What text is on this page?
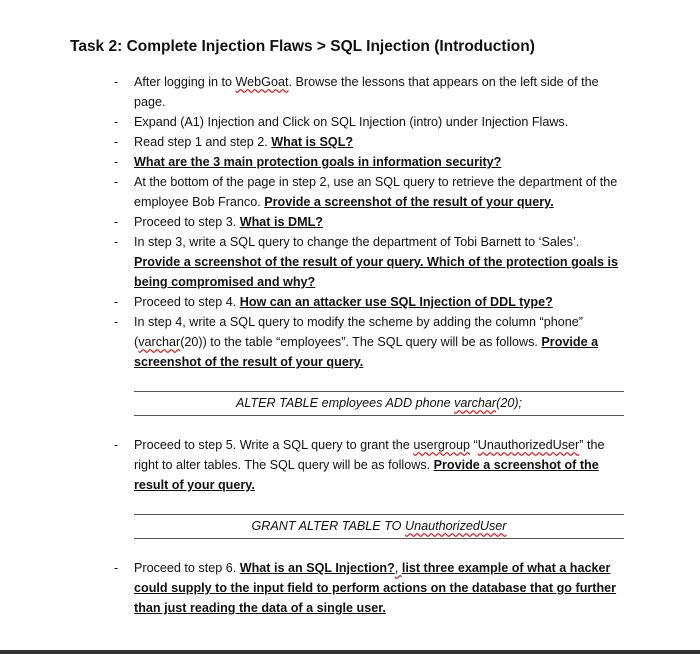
Task 2: Complete Injection Flaws > SQL Injection (Introduction)
- After logging in to WebGoat. Browse the lessons that appears on the left side of the page.
- Expand (A1) Injection and Click on SQL Injection (intro) under Injection Flaws.
- Read step 1 and step 2. What is SQL?
- What are the 3 main protection goals in information security?
- At the bottom of the page in step 2, use an SQL query to retrieve the department of the employee Bob Franco. Provide a screenshot of the result of your query.
- Proceed to step 3. What is DML?
- In step 3, write a SQL query to change the department of Tobi Barnett to ‘Sales’. Provide a screenshot of the result of your query. Which of the protection goals is being compromised and why?
- Proceed to step 4. How can an attacker use SQL Injection of DDL type?
- In step 4, write a SQL query to modify the scheme by adding the column “phone” (varchar(20)) to the table “employees”. The SQL query will be as follows. Provide a screenshot of the result of your query.
ALTER TABLE employees ADD phone varchar(20);
- Proceed to step 5. Write a SQL query to grant the usergroup “UnauthorizedUser” the right to alter tables. The SQL query will be as follows. Provide a screenshot of the result of your query.
GRANT ALTER TABLE TO UnauthorizedUser
- Proceed to step 6. What is an SQL Injection?, list three example of what a hacker could supply to the input field to perform actions on the database that go further than just reading the data of a single user.
